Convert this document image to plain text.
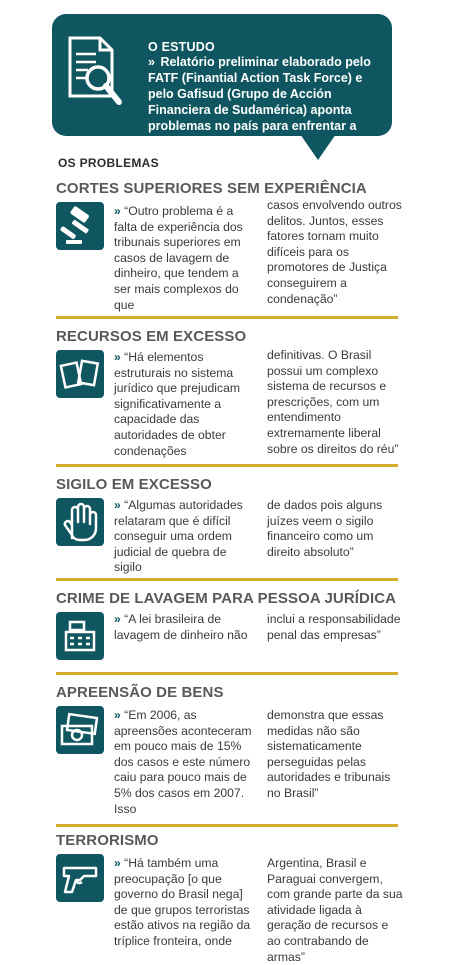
O ESTUDO
» Relatório preliminar elaborado pelo FATF (Finantial Action Task Force) e pelo Gafisud (Grupo de Acción Financiera de Sudamérica) aponta problemas no país para enfrentar a lavagem de dinheiro
OS PROBLEMAS
CORTES SUPERIORES SEM EXPERIÊNCIA
» “Outro problema é a falta de experiência dos tribunais superiores em casos de lavagem de dinheiro, que tendem a ser mais complexos do que
casos envolvendo outros delitos. Juntos, esses fatores tornam muito difíceis para os promotores de Justiça conseguirem a condenação”
RECURSOS EM EXCESSO
» “Há elementos estruturais no sistema jurídico que prejudicam significativamente a capacidade das autoridades de obter condenações
definitivas. O Brasil possui um complexo sistema de recursos e prescrições, com um entendimento extremamente liberal sobre os direitos do réu”
SIGILO EM EXCESSO
» “Algumas autoridades relataram que é difícil conseguir uma ordem judicial de quebra de sigilo
de dados pois alguns juízes veem o sigilo financeiro como um direito absoluto”
CRIME DE LAVAGEM PARA PESSOA JURÍDICA
» “A lei brasileira de lavagem de dinheiro não
inclui a responsabilidade penal das empresas”
APREENSÃO DE BENS
» “Em 2006, as apreensões aconteceram em pouco mais de 15% dos casos e este número caiu para pouco mais de 5% dos casos em 2007. Isso
demonstra que essas medidas não são sistematicamente perseguidas pelas autoridades e tribunais no Brasil”
TERRORISMO
» “Há também uma preocupação [o que governo do Brasil nega] de que grupos terroristas estão ativos na região da tríplice fronteira, onde
Argentina, Brasil e Paraguai convergem, com grande parte da sua atividade ligada à geração de recursos e ao contrabando de armas”
